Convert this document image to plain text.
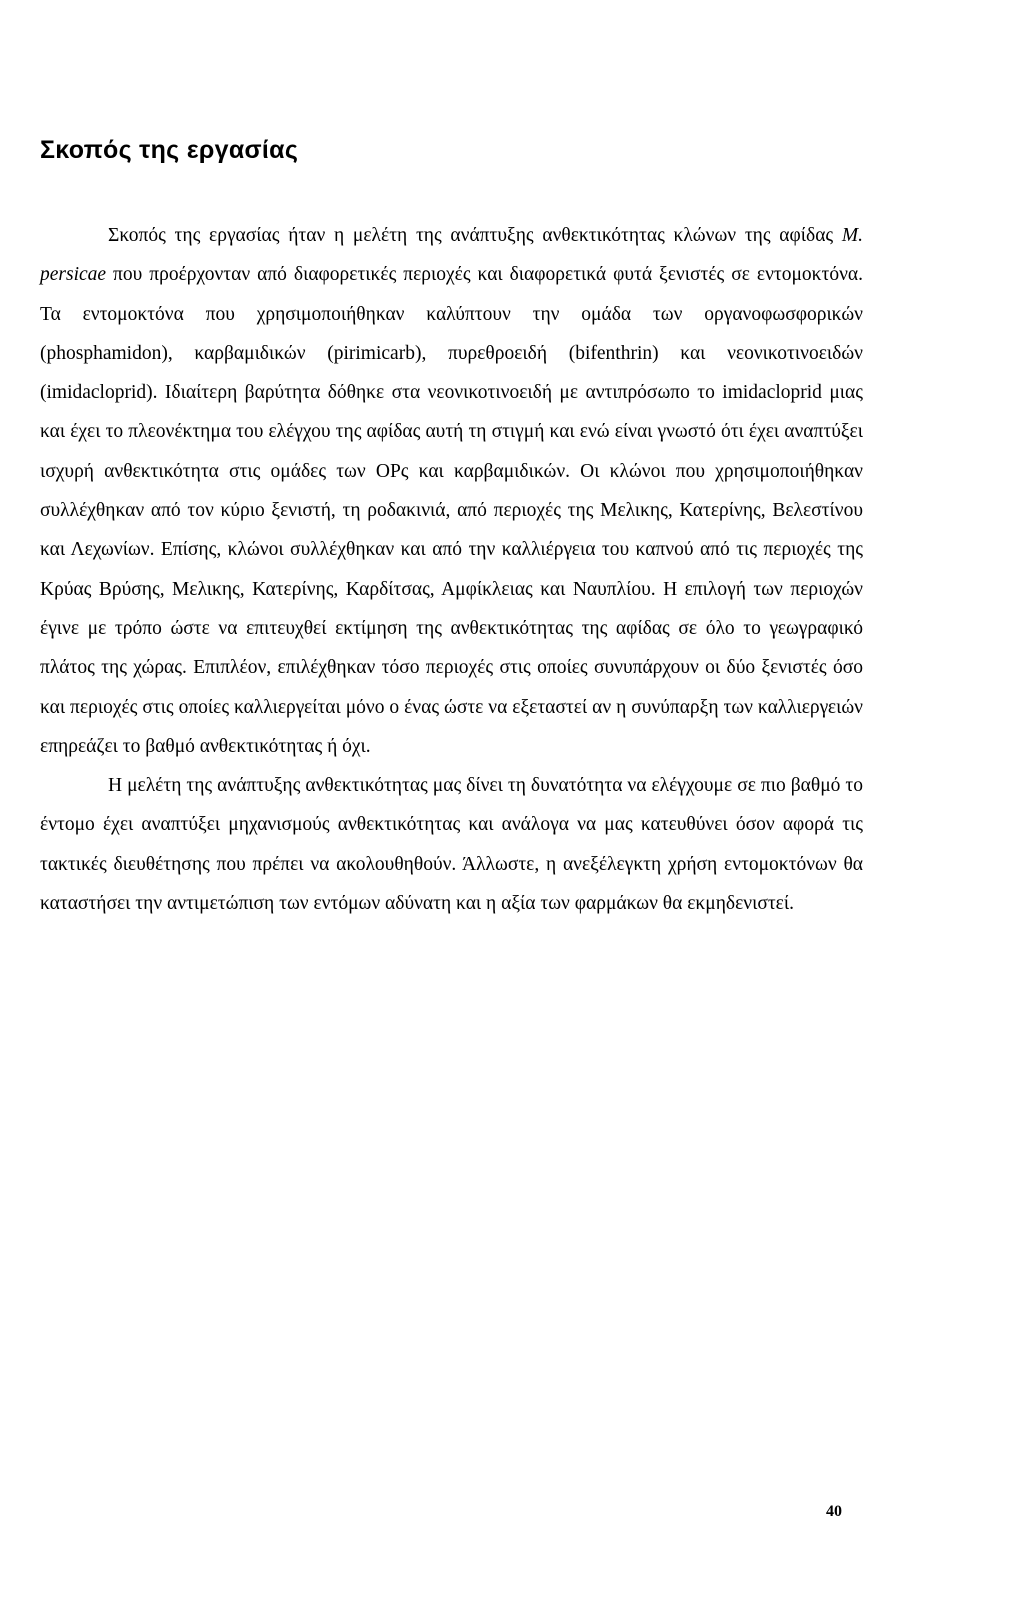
Σκοπός της εργασίας

Σκοπός της εργασίας ήταν η μελέτη της ανάπτυξης ανθεκτικότητας κλώνων της αφίδας M. persicae που προέρχονταν από διαφορετικές περιοχές και διαφορετικά φυτά ξενιστές σε εντομοκτόνα. Τα εντομοκτόνα που χρησιμοποιήθηκαν καλύπτουν την ομάδα των οργανοφωσφορικών (phosphamidon), καρβαμιδικών (pirimicarb), πυρεθροειδή (bifenthrin) και νεονικοτινοειδών (imidacloprid). Ιδιαίτερη βαρύτητα δόθηκε στα νεονικοτινοειδή με αντιπρόσωπο το imidacloprid μιας και έχει το πλεονέκτημα του ελέγχου της αφίδας αυτή τη στιγμή και ενώ είναι γνωστό ότι έχει αναπτύξει ισχυρή ανθεκτικότητα στις ομάδες των OPς και καρβαμιδικών. Οι κλώνοι που χρησιμοποιήθηκαν συλλέχθηκαν από τον κύριο ξενιστή, τη ροδακινιά, από περιοχές της Μελικης, Κατερίνης, Βελεστίνου και Λεχωνίων. Επίσης, κλώνοι συλλέχθηκαν και από την καλλιέργεια του καπνού από τις περιοχές της Κρύας Βρύσης, Μελικης, Κατερίνης, Καρδίτσας, Αμφίκλειας και Ναυπλίου. Η επιλογή των περιοχών έγινε με τρόπο ώστε να επιτευχθεί εκτίμηση της ανθεκτικότητας της αφίδας σε όλο το γεωγραφικό πλάτος της χώρας. Επιπλέον, επιλέχθηκαν τόσο περιοχές στις οποίες συνυπάρχουν οι δύο ξενιστές όσο και περιοχές στις οποίες καλλιεργείται μόνο ο ένας ώστε να εξεταστεί αν η συνύπαρξη των καλλιεργειών επηρεάζει το βαθμό ανθεκτικότητας ή όχι.

Η μελέτη της ανάπτυξης ανθεκτικότητας μας δίνει τη δυνατότητα να ελέγχουμε σε πιο βαθμό το έντομο έχει αναπτύξει μηχανισμούς ανθεκτικότητας και ανάλογα να μας κατευθύνει όσον αφορά τις τακτικές διευθέτησης που πρέπει να ακολουθηθούν. Άλλωστε, η ανεξέλεγκτη χρήση εντομοκτόνων θα καταστήσει την αντιμετώπιση των εντόμων αδύνατη και η αξία των φαρμάκων θα εκμηδενιστεί.

40
